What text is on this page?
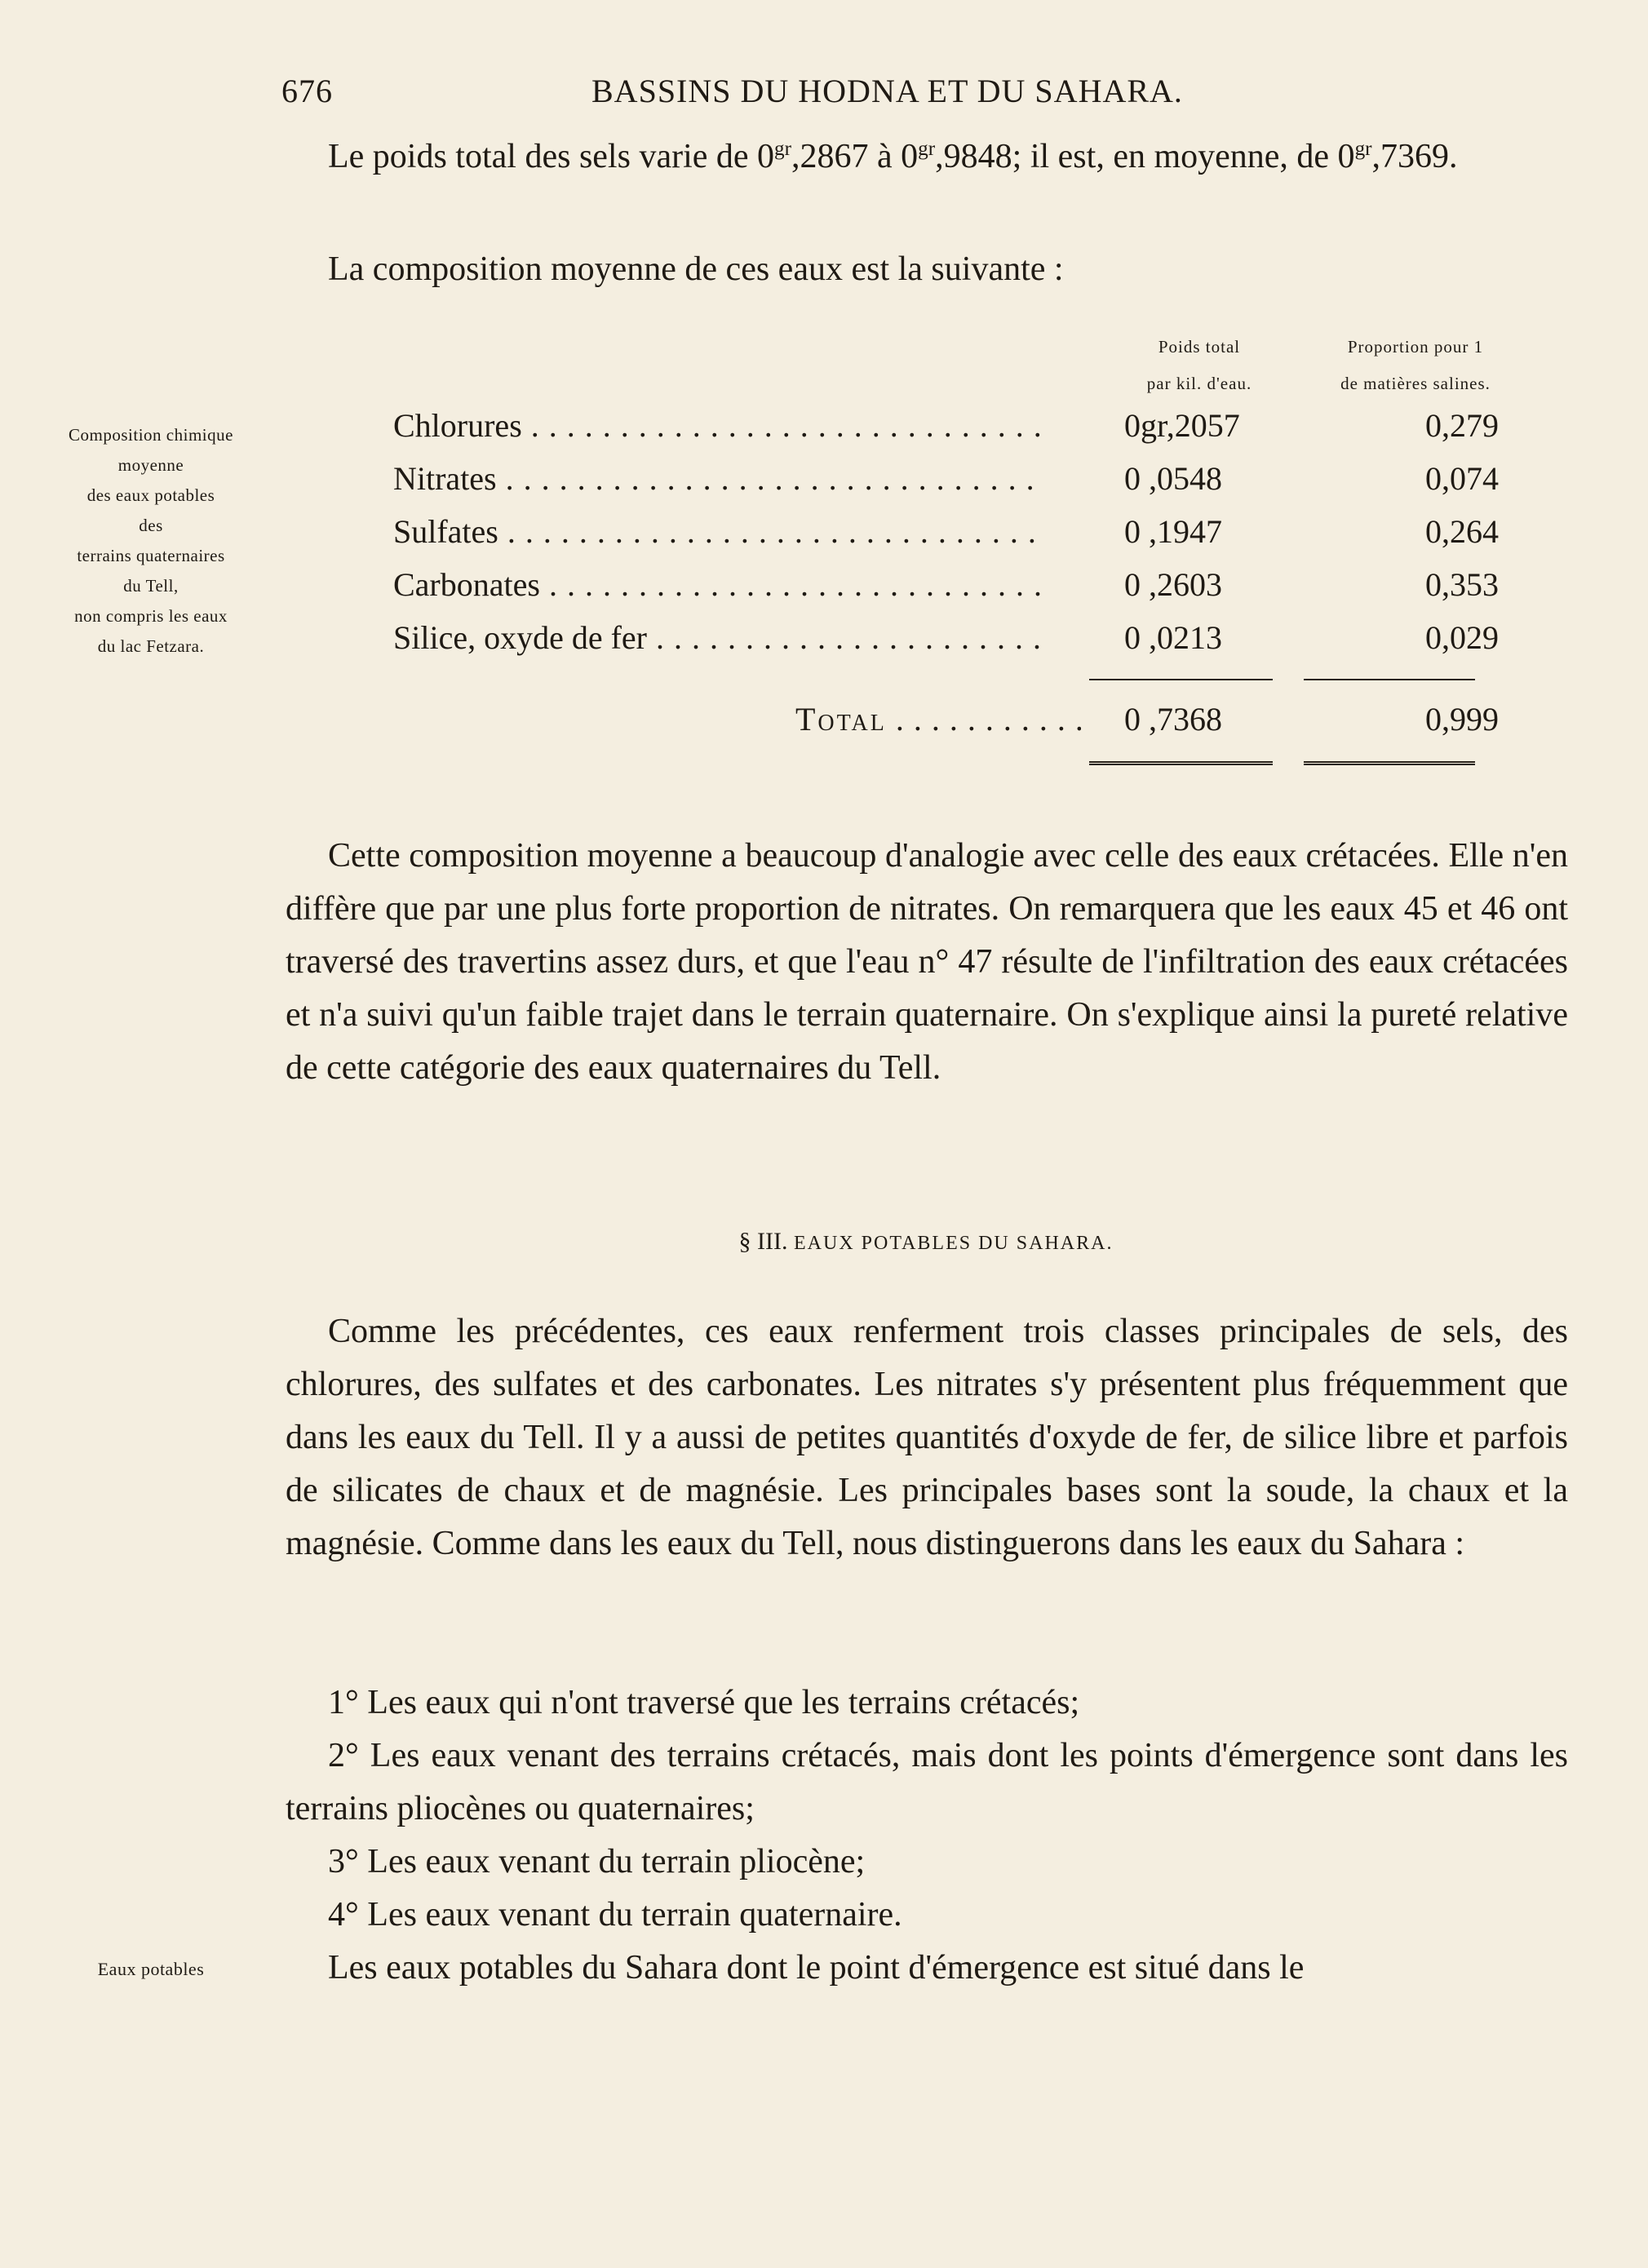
676	BASSINS DU HODNA ET DU SAHARA.

Le poids total des sels varie de $0^{gr},2867$ à $0^{gr},9848$; il est, en moyenne, de $0^{gr},7369$.

La composition moyenne de ces eaux est la suivante :

Composition chimique
moyenne
des eaux potables
des
terrains quaternaires
du Tell,
non compris les eaux
du lac Fetzara.
Poids total
par kil. d'eau.
Proportion pour 1
de matières salines.
Chlorures . . .	0gr,2057	0,279
Nitrates . . .	0 ,0548	0,074
Sulfates . . .	0 ,1947	0,264
Carbonates . . .	0 ,2603	0,353
Silice, oxyde de fer . . .	0 ,0213	0,029
Total . . .	0 ,7368	0,999

Cette composition moyenne a beaucoup d'analogie avec celle des eaux crétacées. Elle n'en diffère que par une plus forte proportion de nitrates. On remarquera que les eaux 45 et 46 ont traversé des travertins assez durs, et que l'eau n° 47 résulte de l'infiltration des eaux crétacées et n'a suivi qu'un faible trajet dans le terrain quaternaire. On s'explique ainsi la pureté relative de cette catégorie des eaux quaternaires du Tell.

§ III. EAUX POTABLES DU SAHARA.

Comme les précédentes, ces eaux renferment trois classes principales de sels, des chlorures, des sulfates et des carbonates. Les nitrates s'y présentent plus fréquemment que dans les eaux du Tell. Il y a aussi de petites quantités d'oxyde de fer, de silice libre et parfois de silicates de chaux et de magnésie. Les principales bases sont la soude, la chaux et la magnésie. Comme dans les eaux du Tell, nous distinguerons dans les eaux du Sahara :

1° Les eaux qui n'ont traversé que les terrains crétacés;

2° Les eaux venant des terrains crétacés, mais dont les points d'émergence sont dans les terrains pliocènes ou quaternaires;

3° Les eaux venant du terrain pliocène;

4° Les eaux venant du terrain quaternaire.

Eaux potables	Les eaux potables du Sahara dont le point d'émergence est situé dans le
